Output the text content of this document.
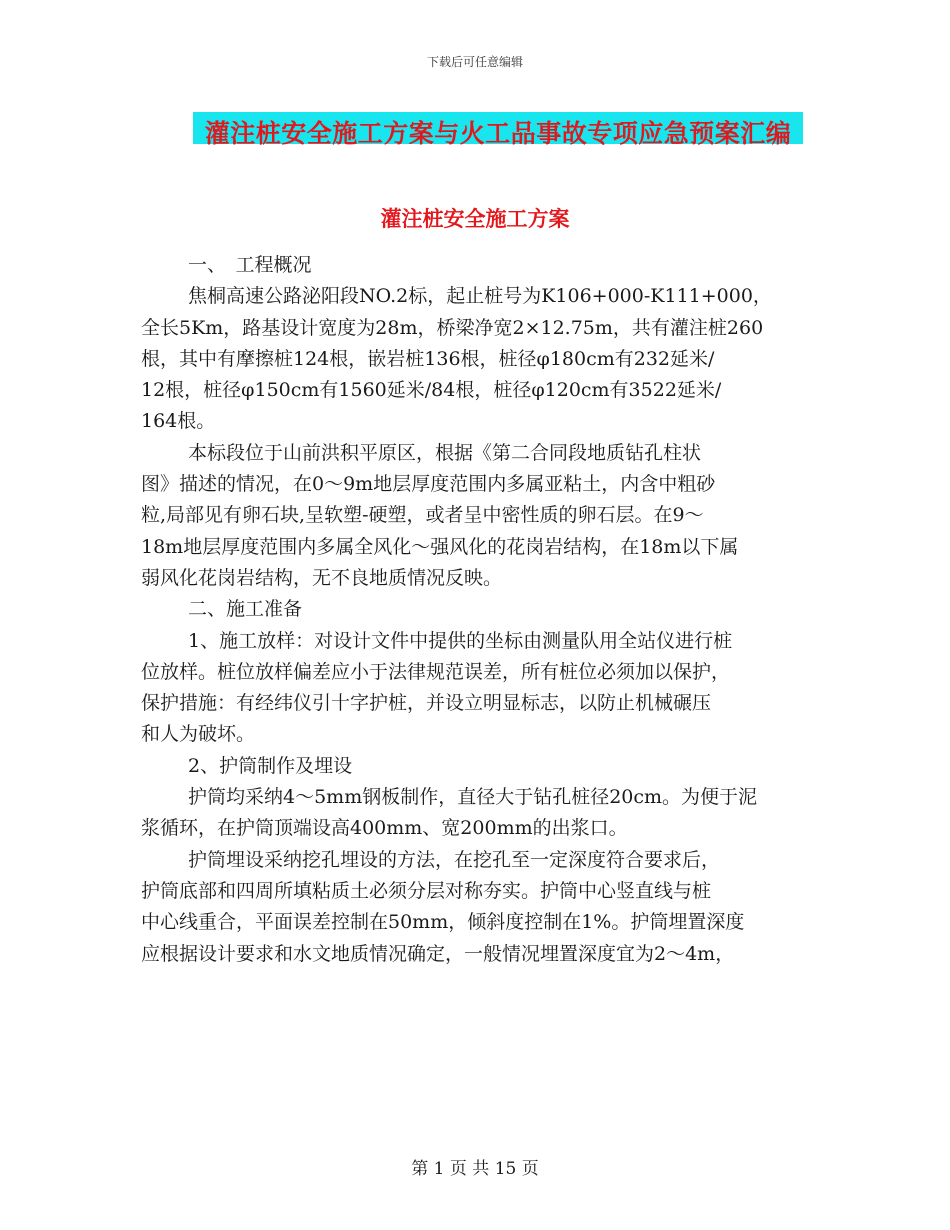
下载后可任意编辑
灌注桩安全施工方案与火工品事故专项应急预案汇编
灌注桩安全施工方案
一、　工程概况
焦桐高速公路泌阳段NO.2标，起止桩号为K106+000-K111+000，
全长5Km，路基设计宽度为28m，桥梁净宽2×12.75m，共有灌注桩260
根，其中有摩擦桩124根，嵌岩桩136根，桩径φ180cm有232延米/
12根，桩径φ150cm有1560延米/84根，桩径φ120cm有3522延米/
164根。
本标段位于山前洪积平原区，根据《第二合同段地质钻孔柱状
图》描述的情况，在0～9m地层厚度范围内多属亚粘土，内含中粗砂
粒,局部见有卵石块,呈软塑-硬塑，或者呈中密性质的卵石层。在9～
18m地层厚度范围内多属全风化～强风化的花岗岩结构，在18m以下属
弱风化花岗岩结构，无不良地质情况反映。
二、施工准备
1、施工放样：对设计文件中提供的坐标由测量队用全站仪进行桩
位放样。桩位放样偏差应小于法律规范误差，所有桩位必须加以保护，
保护措施：有经纬仪引十字护桩，并设立明显标志，以防止机械碾压
和人为破坏。
2、护筒制作及埋设
护筒均采纳4～5mm钢板制作，直径大于钻孔桩径20cm。为便于泥
浆循环，在护筒顶端设高400mm、宽200mm的出浆口。
护筒埋设采纳挖孔埋设的方法，在挖孔至一定深度符合要求后，
护筒底部和四周所填粘质土必须分层对称夯实。护筒中心竖直线与桩
中心线重合，平面误差控制在50mm，倾斜度控制在1%。护筒埋置深度
应根据设计要求和水文地质情况确定，一般情况埋置深度宜为2～4m，
第 1 页 共 15 页
